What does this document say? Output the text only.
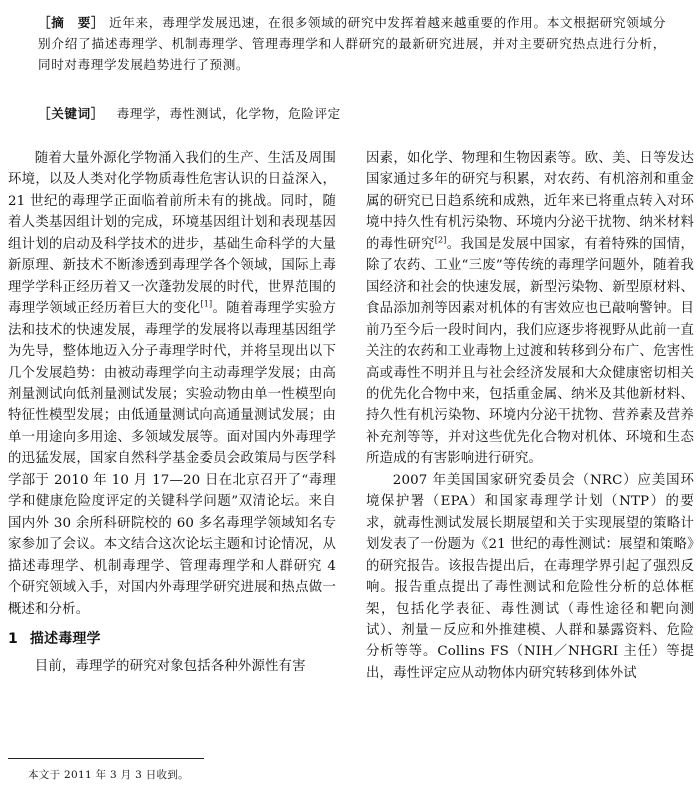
［摘　要］ 近年来，毒理学发展迅速，在很多领域的研究中发挥着越来越重要的作用。本文根据研究领域分别介绍了描述毒理学、机制毒理学、管理毒理学和人群研究的最新研究进展，并对主要研究热点进行分析，同时对毒理学发展趋势进行了预测。
［关键词］ 毒理学，毒性测试，化学物，危险评定

随着大量外源化学物涌入我们的生产、生活及周围环境，以及人类对化学物质毒性危害认识的日益深入，21 世纪的毒理学正面临着前所未有的挑战。同时，随着人类基因组计划的完成，环境基因组计划和表现基因组计划的启动及科学技术的进步，基础生命科学的大量新原理、新技术不断渗透到毒理学各个领域，国际上毒理学学科正经历着又一次蓬勃发展的时代，世界范围的毒理学领域正经历着巨大的变化[1]。随着毒理学实验方法和技术的快速发展，毒理学的发展将以毒理基因组学为先导，整体地迈入分子毒理学时代，并将呈现出以下几个发展趋势：由被动毒理学向主动毒理学发展；由高剂量测试向低剂量测试发展；实验动物由单一性模型向特征性模型发展；由低通量测试向高通量测试发展；由单一用途向多用途、多领域发展等。面对国内外毒理学的迅猛发展，国家自然科学基金委员会政策局与医学科学部于 2010 年 10 月 17—20 日在北京召开了“毒理学和健康危险度评定的关键科学问题”双清论坛。来自国内外 30 余所科研院校的 60 多名毒理学领域知名专家参加了会议。本文结合这次论坛主题和讨论情况，从描述毒理学、机制毒理学、管理毒理学和人群研究 4 个研究领域入手，对国内外毒理学研究进展和热点做一概述和分析。

1 描述毒理学

目前，毒理学的研究对象包括各种外源性有害

因素，如化学、物理和生物因素等。欧、美、日等发达国家通过多年的研究与积累，对农药、有机溶剂和重金属的研究已日趋系统和成熟，近年来已将重点转入对环境中持久性有机污染物、环境内分泌干扰物、纳米材料的毒性研究[2]。我国是发展中国家，有着特殊的国情，除了农药、工业“三废”等传统的毒理学问题外，随着我国经济和社会的快速发展，新型污染物、新型原材料、食品添加剂等因素对机体的有害效应也已敲响警钟。目前乃至今后一段时间内，我们应逐步将视野从此前一直关注的农药和工业毒物上过渡和转移到分布广、危害性高或毒性不明并且与社会经济发展和大众健康密切相关的优先化合物中来，包括重金属、纳米及其他新材料、持久性有机污染物、环境内分泌干扰物、营养素及营养补充剂等等，并对这些优先化合物对机体、环境和生态所造成的有害影响进行研究。

2007 年美国国家研究委员会（NRC）应美国环境保护署（EPA）和国家毒理学计划（NTP）的要求，就毒性测试发展长期展望和关于实现展望的策略计划发表了一份题为《21 世纪的毒性测试：展望和策略》的研究报告。该报告提出后，在毒理学界引起了强烈反响。报告重点提出了毒性测试和危险性分析的总体框架，包括化学表征、毒性测试（毒性途径和靶向测试）、剂量－反应和外推建模、人群和暴露资料、危险分析等等。Collins FS（NIH／NHGRI 主任）等提出，毒性评定应从动物体内研究转移到体外试

本文于 2011 年 3 月 3 日收到。
